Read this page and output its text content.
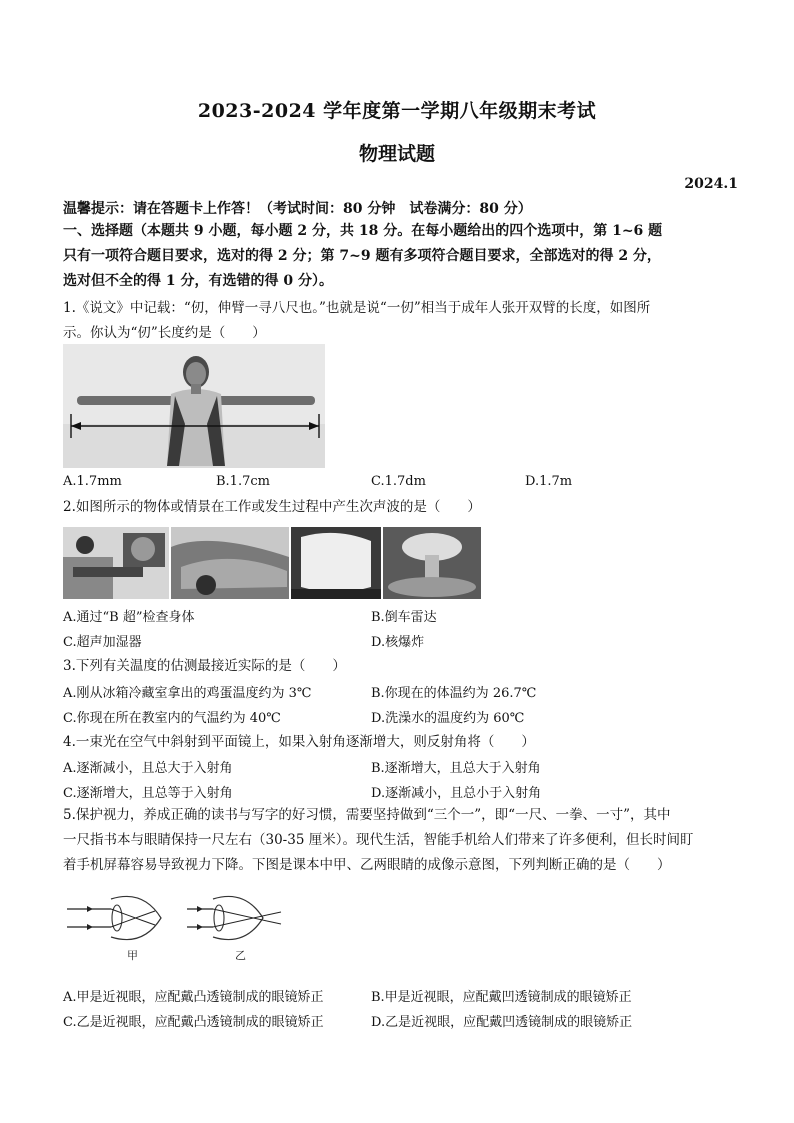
2023-2024 学年度第一学期八年级期末考试
物理试题
2024.1
温馨提示：请在答题卡上作答！（考试时间：80 分钟　试卷满分：80 分）
一、选择题（本题共 9 小题，每小题 2 分，共 18 分。在每小题给出的四个选项中，第 1~6 题
只有一项符合题目要求，选对的得 2 分；第 7~9 题有多项符合题目要求，全部选对的得 2 分，
选对但不全的得 1 分，有选错的得 0 分）。
1.《说文》中记载：“仞，伸臂一寻八尺也。”也就是说“一仞”相当于成年人张开双臂的长度，如图所
示。你认为“仞”长度约是（　　）
A.1.7mm	B.1.7cm	C.1.7dm	D.1.7m
2.如图所示的物体或情景在工作或发生过程中产生次声波的是（　　）
A.通过“B 超”检查身体	B.倒车雷达
C.超声加湿器	D.核爆炸
3.下列有关温度的估测最接近实际的是（　　）
A.刚从冰箱冷藏室拿出的鸡蛋温度约为 3℃	B.你现在的体温约为 26.7℃
C.你现在所在教室内的气温约为 40℃	D.洗澡水的温度约为 60℃
4.一束光在空气中斜射到平面镜上，如果入射角逐渐增大，则反射角将（　　）
A.逐渐减小，且总大于入射角	B.逐渐增大，且总大于入射角
C.逐渐增大，且总等于入射角	D.逐渐减小，且总小于入射角
5.保护视力，养成正确的读书与写字的好习惯，需要坚持做到“三个一”，即“一尺、一拳、一寸”，其中
一尺指书本与眼睛保持一尺左右（30-35 厘米）。现代生活，智能手机给人们带来了许多便利，但长时间盯
着手机屏幕容易导致视力下降。下图是课本中甲、乙两眼睛的成像示意图，下列判断正确的是（　　）
甲	乙
A.甲是近视眼，应配戴凸透镜制成的眼镜矫正	B.甲是近视眼，应配戴凹透镜制成的眼镜矫正
C.乙是近视眼，应配戴凸透镜制成的眼镜矫正	D.乙是近视眼，应配戴凹透镜制成的眼镜矫正
